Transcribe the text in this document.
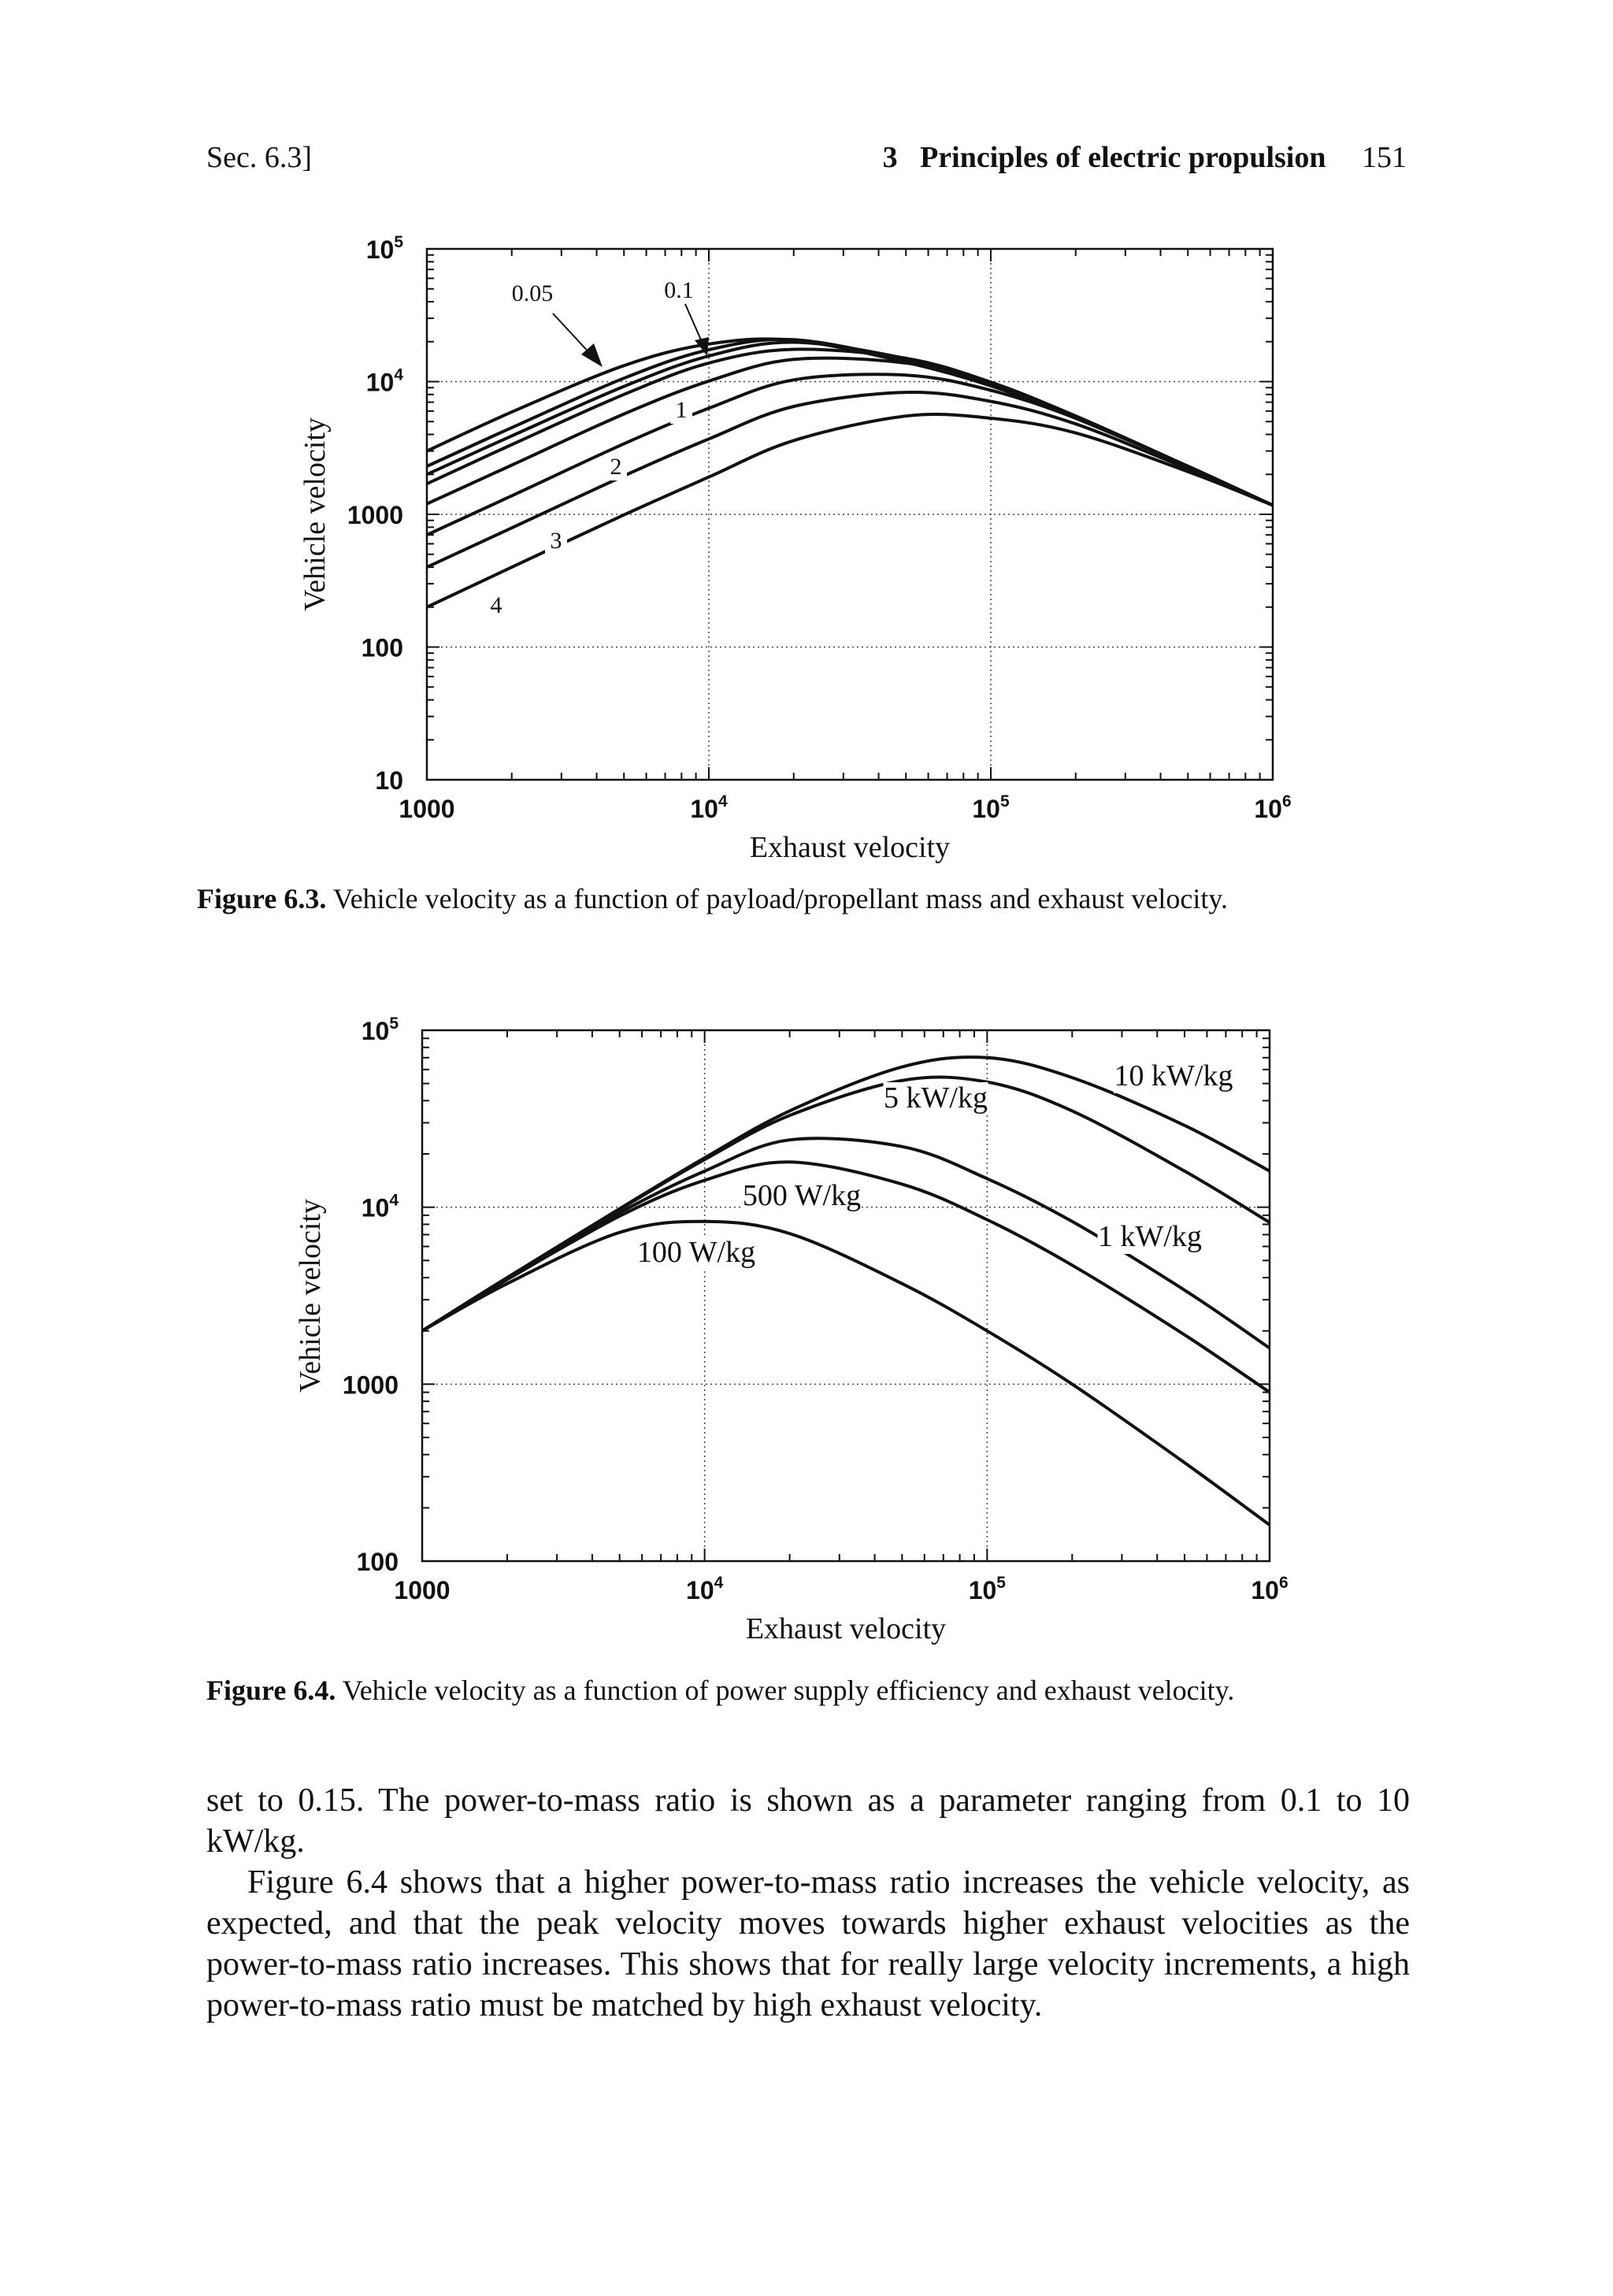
Sec. 6.3]	3 Principles of electric propulsion 151
1000	$10^4$	$10^5$	$10^6$
10
100
1000
$10^4$
$10^5$
Exhaust velocity
Vehicle velocity
0.05	0.1
1
2
3
4
Figure 6.3. Vehicle velocity as a function of payload/propellant mass and exhaust velocity.
1000	$10^4$	$10^5$	$10^6$
100
1000
$10^4$
$10^5$
Exhaust velocity
Vehicle velocity
10 kW/kg
5 kW/kg
1 kW/kg
500 W/kg
100 W/kg
Figure 6.4. Vehicle velocity as a function of power supply efficiency and exhaust velocity.

set to 0.15. The power-to-mass ratio is shown as a parameter ranging from 0.1 to 10 kW/kg.

Figure 6.4 shows that a higher power-to-mass ratio increases the vehicle velocity, as expected, and that the peak velocity moves towards higher exhaust velocities as the power-to-mass ratio increases. This shows that for really large velocity increments, a high power-to-mass ratio must be matched by high exhaust velocity.
